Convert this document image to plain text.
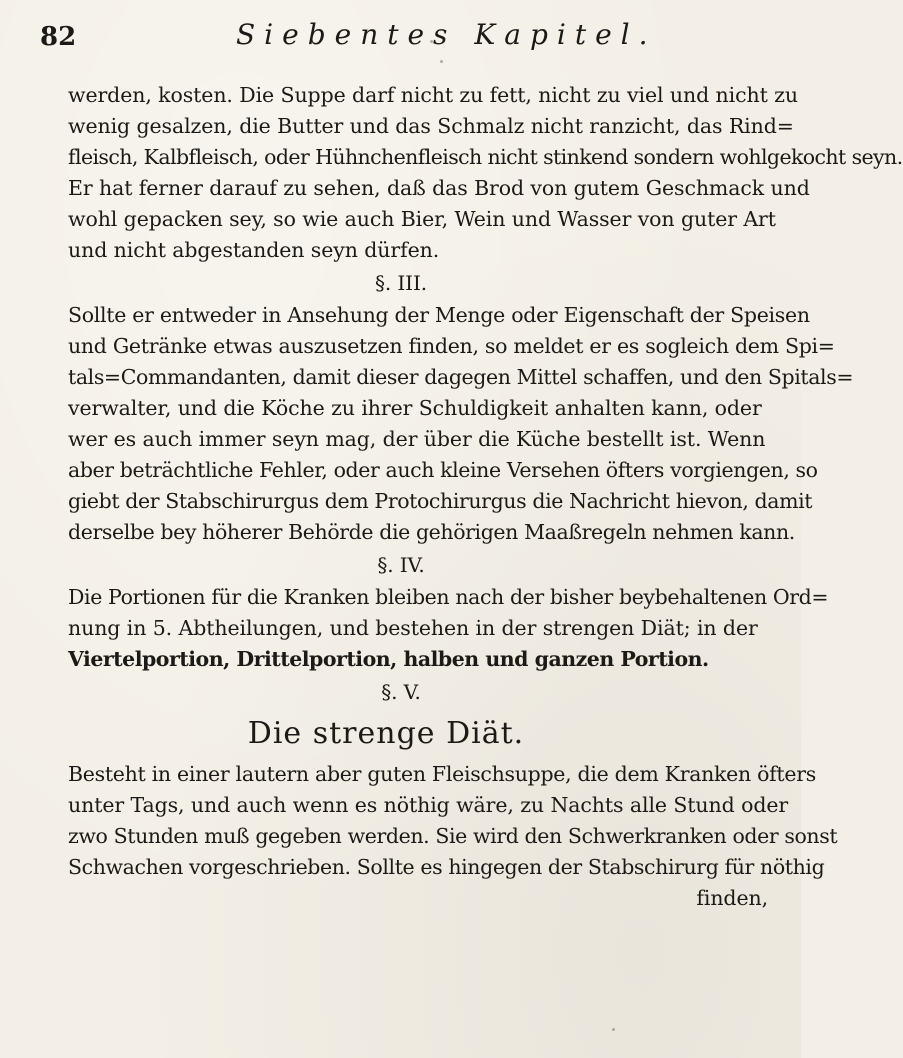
82	Siebentes Kapitel.
werden, kosten. Die Suppe darf nicht zu fett, nicht zu viel und nicht zu
wenig gesalzen, die Butter und das Schmalz nicht ranzicht, das Rind=
fleisch, Kalbfleisch, oder Hühnchenfleisch nicht stinkend sondern wohlgekocht seyn.
Er hat ferner darauf zu sehen, daß das Brod von gutem Geschmack und
wohl gepacken sey, so wie auch Bier, Wein und Wasser von guter Art
und nicht abgestanden seyn dürfen.
§. III.
Sollte er entweder in Ansehung der Menge oder Eigenschaft der Speisen
und Getränke etwas auszusetzen finden, so meldet er es sogleich dem Spi=
tals=Commandanten, damit dieser dagegen Mittel schaffen, und den Spitals=
verwalter, und die Köche zu ihrer Schuldigkeit anhalten kann, oder
wer es auch immer seyn mag, der über die Küche bestellt ist. Wenn
aber beträchtliche Fehler, oder auch kleine Versehen öfters vorgiengen, so
giebt der Stabschirurgus dem Protochirurgus die Nachricht hievon, damit
derselbe bey höherer Behörde die gehörigen Maaßregeln nehmen kann.
§. IV.
Die Portionen für die Kranken bleiben nach der bisher beybehaltenen Ord=
nung in 5. Abtheilungen, und bestehen in der strengen Diät; in der
Viertelportion, Drittelportion, halben und ganzen Portion.
§. V.
Die strenge Diät.
Besteht in einer lautern aber guten Fleischsuppe, die dem Kranken öfters
unter Tags, und auch wenn es nöthig wäre, zu Nachts alle Stund oder
zwo Stunden muß gegeben werden. Sie wird den Schwerkranken oder sonst
Schwachen vorgeschrieben. Sollte es hingegen der Stabschirurg für nöthig
finden,
